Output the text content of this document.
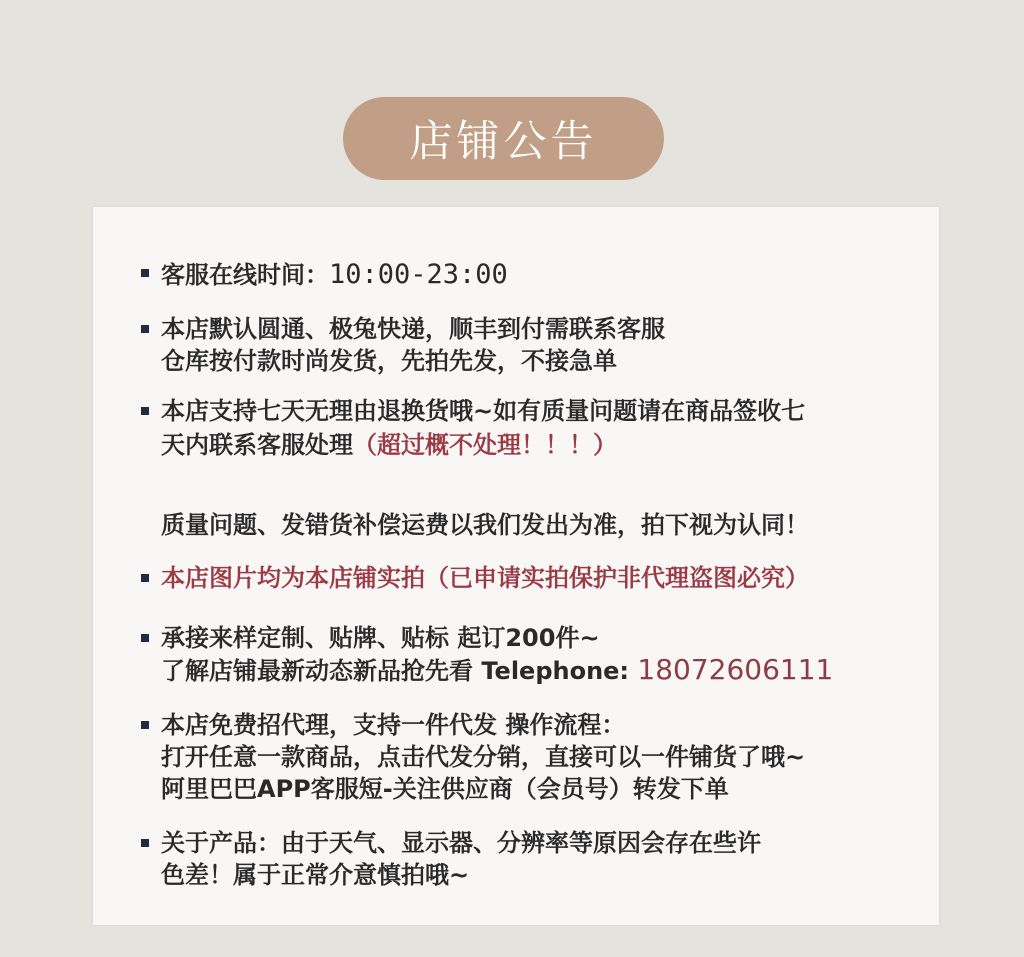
店铺公告
客服在线时间：10:00-23:00
本店默认圆通、极兔快递，顺丰到付需联系客服
仓库按付款时尚发货，先拍先发，不接急单
本店支持七天无理由退换货哦~如有质量问题请在商品签收七
天内联系客服处理（超过概不处理！！！）
质量问题、发错货补偿运费以我们发出为准，拍下视为认同！
本店图片均为本店铺实拍（已申请实拍保护非代理盗图必究）
承接来样定制、贴牌、贴标 起订200件~
了解店铺最新动态新品抢先看 Telephone: 18072606111
本店免费招代理，支持一件代发 操作流程：
打开任意一款商品，点击代发分销，直接可以一件铺货了哦~
阿里巴巴APP客服短-关注供应商（会员号）转发下单
关于产品：由于天气、显示器、分辨率等原因会存在些许
色差！属于正常介意慎拍哦~
